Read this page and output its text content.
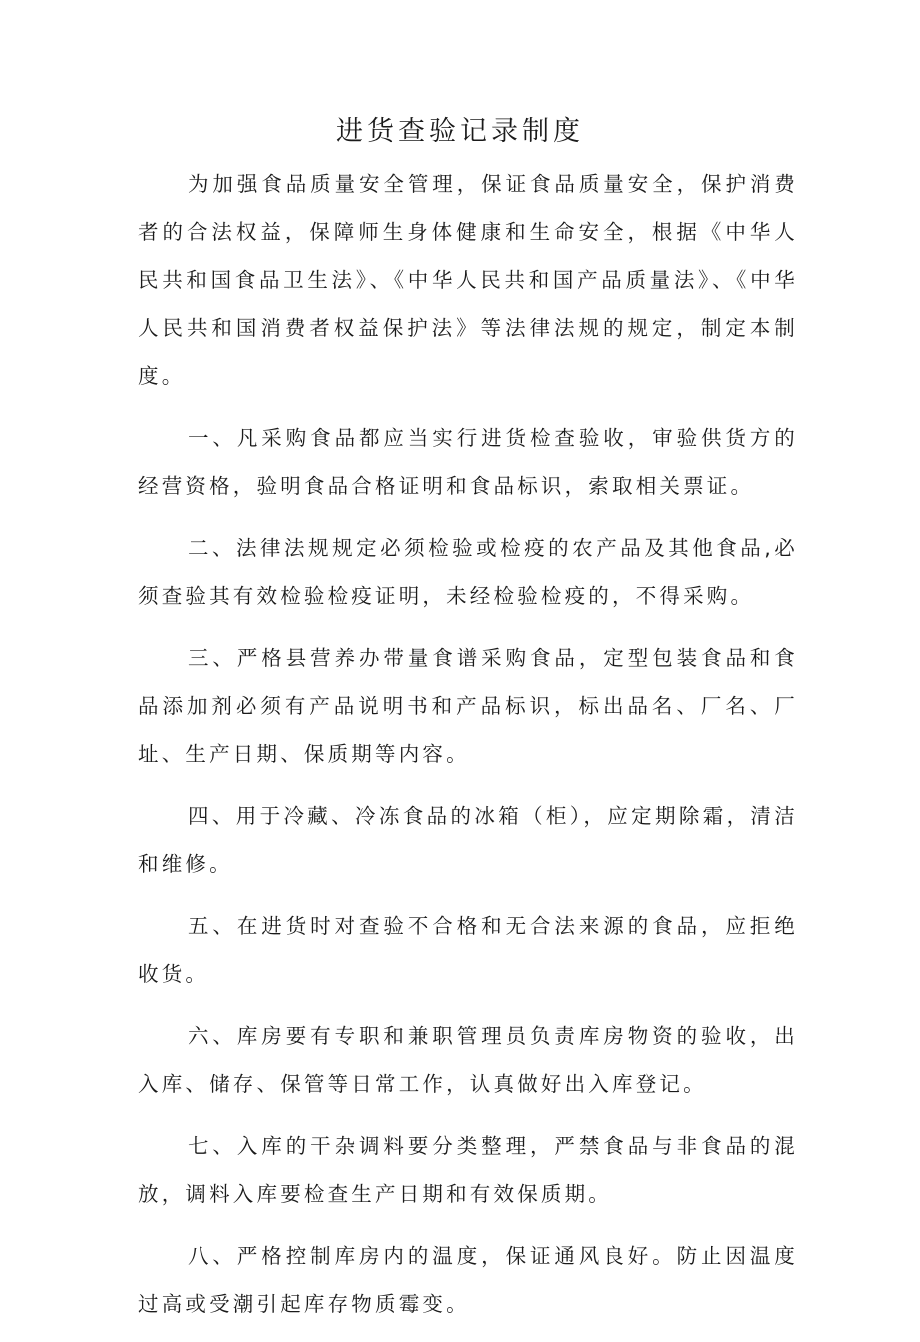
进货查验记录制度

为加强食品质量安全管理，保证食品质量安全，保护消费者的合法权益，保障师生身体健康和生命安全，根据《中华人民共和国食品卫生法》、《中华人民共和国产品质量法》、《中华人民共和国消费者权益保护法》等法律法规的规定，制定本制度。

一、凡采购食品都应当实行进货检查验收，审验供货方的经营资格，验明食品合格证明和食品标识，索取相关票证。

二、法律法规规定必须检验或检疫的农产品及其他食品,必须查验其有效检验检疫证明，未经检验检疫的，不得采购。

三、严格县营养办带量食谱采购食品，定型包装食品和食品添加剂必须有产品说明书和产品标识，标出品名、厂名、厂址、生产日期、保质期等内容。

四、用于冷藏、冷冻食品的冰箱（柜），应定期除霜，清洁和维修。

五、在进货时对查验不合格和无合法来源的食品，应拒绝收货。

六、库房要有专职和兼职管理员负责库房物资的验收，出入库、储存、保管等日常工作，认真做好出入库登记。

七、入库的干杂调料要分类整理，严禁食品与非食品的混放，调料入库要检查生产日期和有效保质期。

八、严格控制库房内的温度，保证通风良好。防止因温度过高或受潮引起库存物质霉变。
